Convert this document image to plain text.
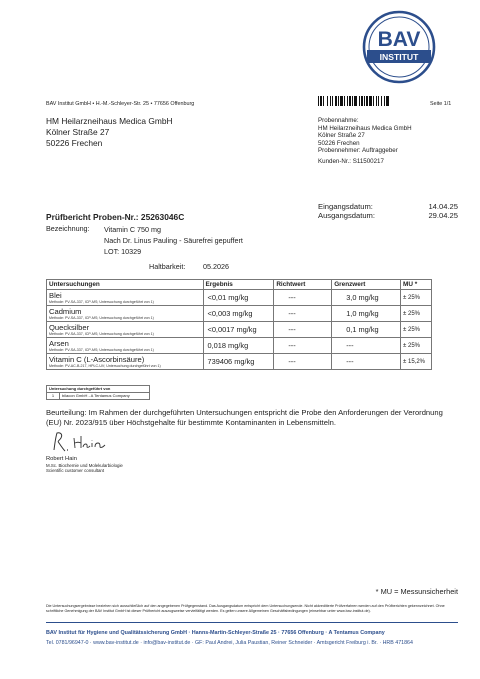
BAV
INSTITUT
BAV Institut GmbH • H.-M.-Schleyer-Str. 25 • 77656 Offenburg	Seite 1/1
HM Heilarzneihaus Medica GmbH
Kölner Straße 27
50226 Frechen
Probennahme:
HM Heilarzneihaus Medica GmbH
Kölner Straße 27
50226 Frechen
Probennehmer: Auftraggeber
Kunden-Nr.: S11500217
Eingangsdatum:	14.04.25
Ausgangsdatum:	29.04.25
Prüfbericht Proben-Nr.: 25263046C
Bezeichnung: Vitamin C 750 mg
Nach Dr. Linus Pauling - Säurefrei gepuffert
LOT: 10329
Haltbarkeit: 05.2026
Untersuchungen	Ergebnis	Richtwert	Grenzwert	MU *

Blei
Methode: PV-SA-337, ICP-MS; Untersuchung durchgeführt von 1)	<0,01 mg/kg	---	3,0 mg/kg	± 25%

Cadmium
Methode: PV-SA-337, ICP-MS; Untersuchung durchgeführt von 1)	<0,003 mg/kg	---	1,0 mg/kg	± 25%

Quecksilber
Methode: PV-SA-337, ICP-MS; Untersuchung durchgeführt von 1)	<0,0017 mg/kg	---	0,1 mg/kg	± 25%

Arsen
Methode: PV-SA-337, ICP-MS; Untersuchung durchgeführt von 1)	0,018 mg/kg	---	---	± 25%

Vitamin C (L-Ascorbinsäure)
Methode: PV-AC-B-217, HPLC-UV; Untersuchung durchgeführt von 1)	739406 mg/kg	---	---	± 15,2%
Untersuchung durchgeführt von
1	bilacon GmbH - A Tentamus Company
Beurteilung: Im Rahmen der durchgeführten Untersuchungen entspricht die Probe den Anforderungen der Verordnung (EU) Nr. 2023/915 über Höchstgehalte für bestimmte Kontaminanten in Lebensmitteln.
Robert Hain
M.Sc. Biochemie und Molekularbiologie
Scientific customer consultant
* MU = Messunsicherheit
Die Untersuchungsergebnisse beziehen sich ausschließlich auf den angegebenen Prüfgegenstand. Das Ausgangsdatum entspricht dem Untersuchungsende. Nicht akkreditierte Prüfverfahren werden auf den Prüfberichten gekennzeichnet. Ohne schriftliche Genehmigung der BAV Institut GmbH ist dieser Prüfbericht auszugsweise vervielfältigt werden. Es gelten unsere Allgemeinen Geschäftsbedingungen (einsehbar unter www.bav-institut.de).
BAV Institut für Hygiene und Qualitätssicherung GmbH · Hanns-Martin-Schleyer-Straße 25 · 77656 Offenburg · A Tentamus Company
Tel. 0781/96947-0 · www.bav-institut.de · info@bav-institut.de · GF: Paul Andrei, Julia Paustian, Reiner Schneider · Amtsgericht Freiburg i. Br. · HRB 471864
